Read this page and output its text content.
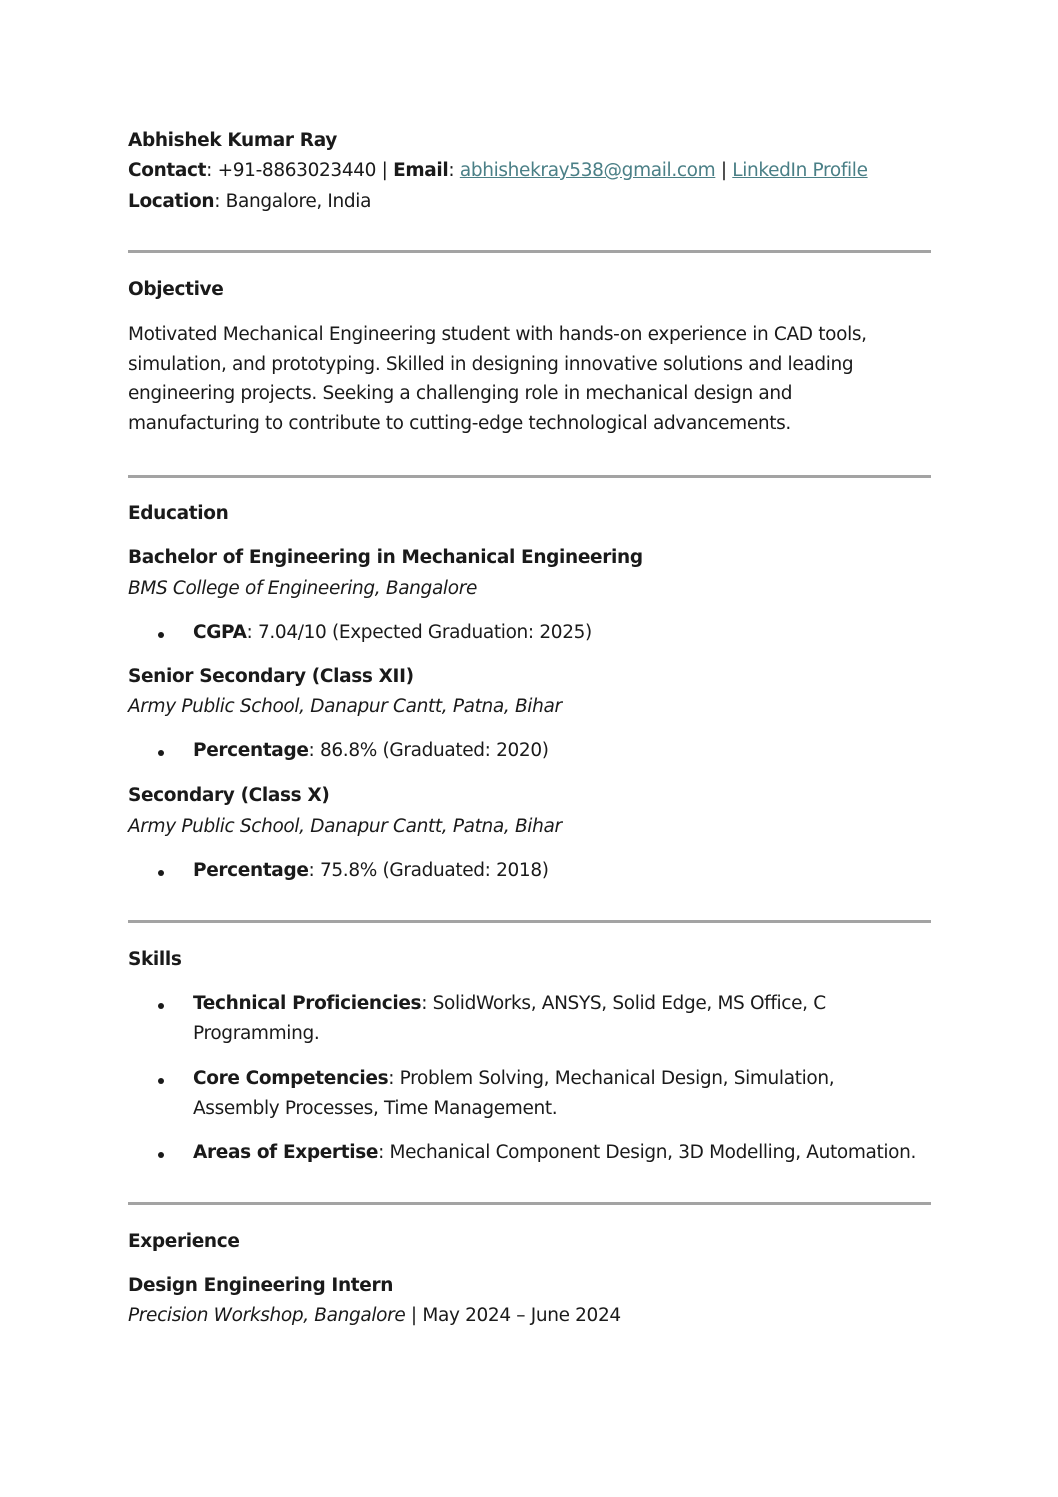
Abhishek Kumar Ray
Contact: +91-8863023440 | Email: abhishekray538@gmail.com | LinkedIn Profile
Location: Bangalore, India
Objective
Motivated Mechanical Engineering student with hands-on experience in CAD tools,
simulation, and prototyping. Skilled in designing innovative solutions and leading
engineering projects. Seeking a challenging role in mechanical design and
manufacturing to contribute to cutting-edge technological advancements.
Education
Bachelor of Engineering in Mechanical Engineering
BMS College of Engineering, Bangalore
CGPA: 7.04/10 (Expected Graduation: 2025)
Senior Secondary (Class XII)
Army Public School, Danapur Cantt, Patna, Bihar
Percentage: 86.8% (Graduated: 2020)
Secondary (Class X)
Army Public School, Danapur Cantt, Patna, Bihar
Percentage: 75.8% (Graduated: 2018)
Skills
Technical Proficiencies: SolidWorks, ANSYS, Solid Edge, MS Office, C
Programming.
Core Competencies: Problem Solving, Mechanical Design, Simulation,
Assembly Processes, Time Management.
Areas of Expertise: Mechanical Component Design, 3D Modelling, Automation.
Experience
Design Engineering Intern
Precision Workshop, Bangalore | May 2024 – June 2024
